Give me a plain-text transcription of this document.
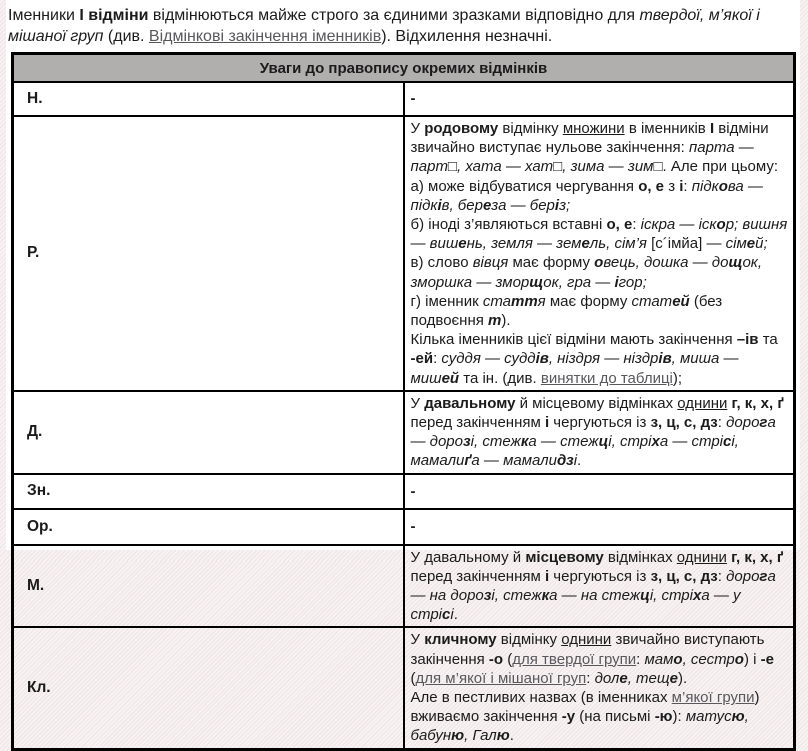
Іменники І відміни відмінюються майже строго за єдиними зразками відповідно для твердої, м’якої і мішаної груп (див. Відмінкові закінчення іменників). Відхилення незначні.
Уваги до правопису окремих відмінків	
Н.	-
Р.	У родовому відмінку множини в іменників І відміни звичайно виступає нульове закінчення: парта — парт□, хата — хат□, зима — зим□. Але при цьому:
а) може відбуватися чергування о, е з і: підкова — підків, береза — беріз;
б) іноді з’являються вставні о, е: іскра — іскор; вишня — вишень, земля — земель, сім’я [с´імйа] — сімей;
в) слово вівця має форму овець, дошка — дощок, зморшка — зморщок, гра — ігор;
г) іменник стаття має форму статей (без подвоєння т).
Кілька іменників цієї відміни мають закінчення –ів та -ей: суддя — суддів, ніздря — ніздрів, миша — мишей та ін. (див. винятки до таблиці);
Д.	У давальному й місцевому відмінках однини г, к, х, ґ перед закінченням і чергуються із з, ц, с, дз: дорога — дорозі, стежка — стежці, стріха — стрісі, мамалиґа — мамалидзі.
Зн.	-
Ор.	-
М.	У давальному й місцевому відмінках однини г, к, х, ґ перед закінченням і чергуються із з, ц, с, дз: дорога — на дорозі, стежка — на стежці, стріха — у стрісі.
Кл.	У кличному відмінку однини звичайно виступають закінчення -о (для твердої групи: мамо, сестро) і -е (для м’якої і мішаної груп: доле, теще).
Але в пестливих назвах (в іменниках м’якої групи) вживаємо закінчення -у (на письмі -ю): матусю, бабуню, Галю.
